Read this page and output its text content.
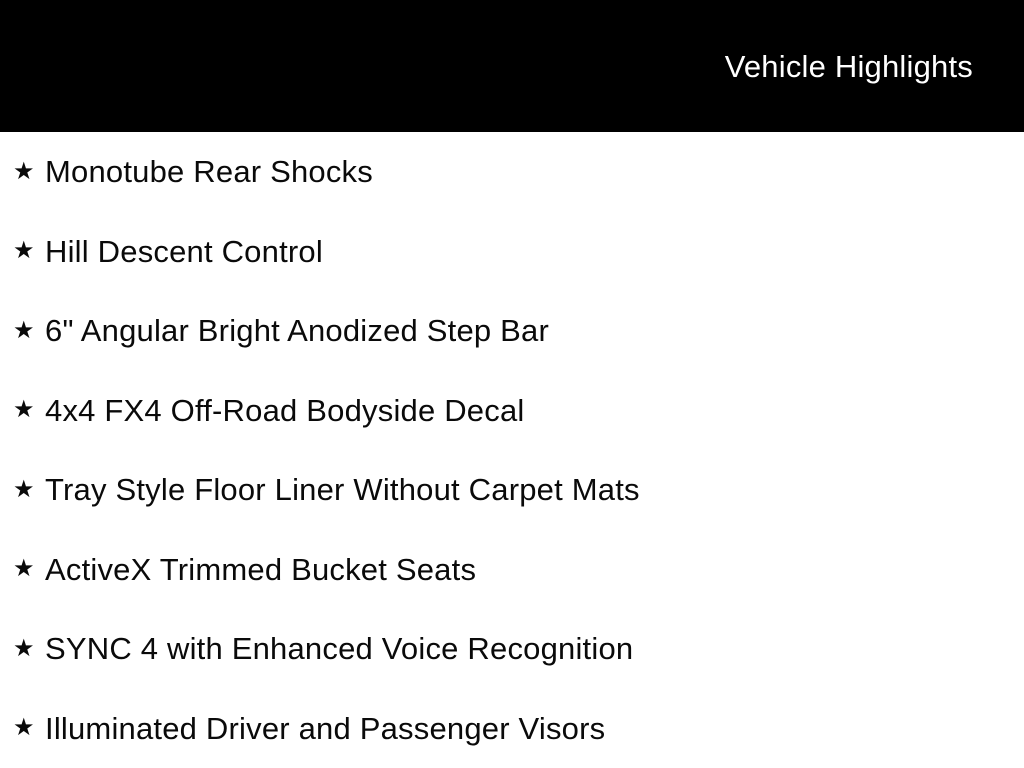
Vehicle Highlights
★ Monotube Rear Shocks
★ Hill Descent Control
★ 6" Angular Bright Anodized Step Bar
★ 4x4 FX4 Off-Road Bodyside Decal
★ Tray Style Floor Liner Without Carpet Mats
★ ActiveX Trimmed Bucket Seats
★ SYNC 4 with Enhanced Voice Recognition
★ Illuminated Driver and Passenger Visors
